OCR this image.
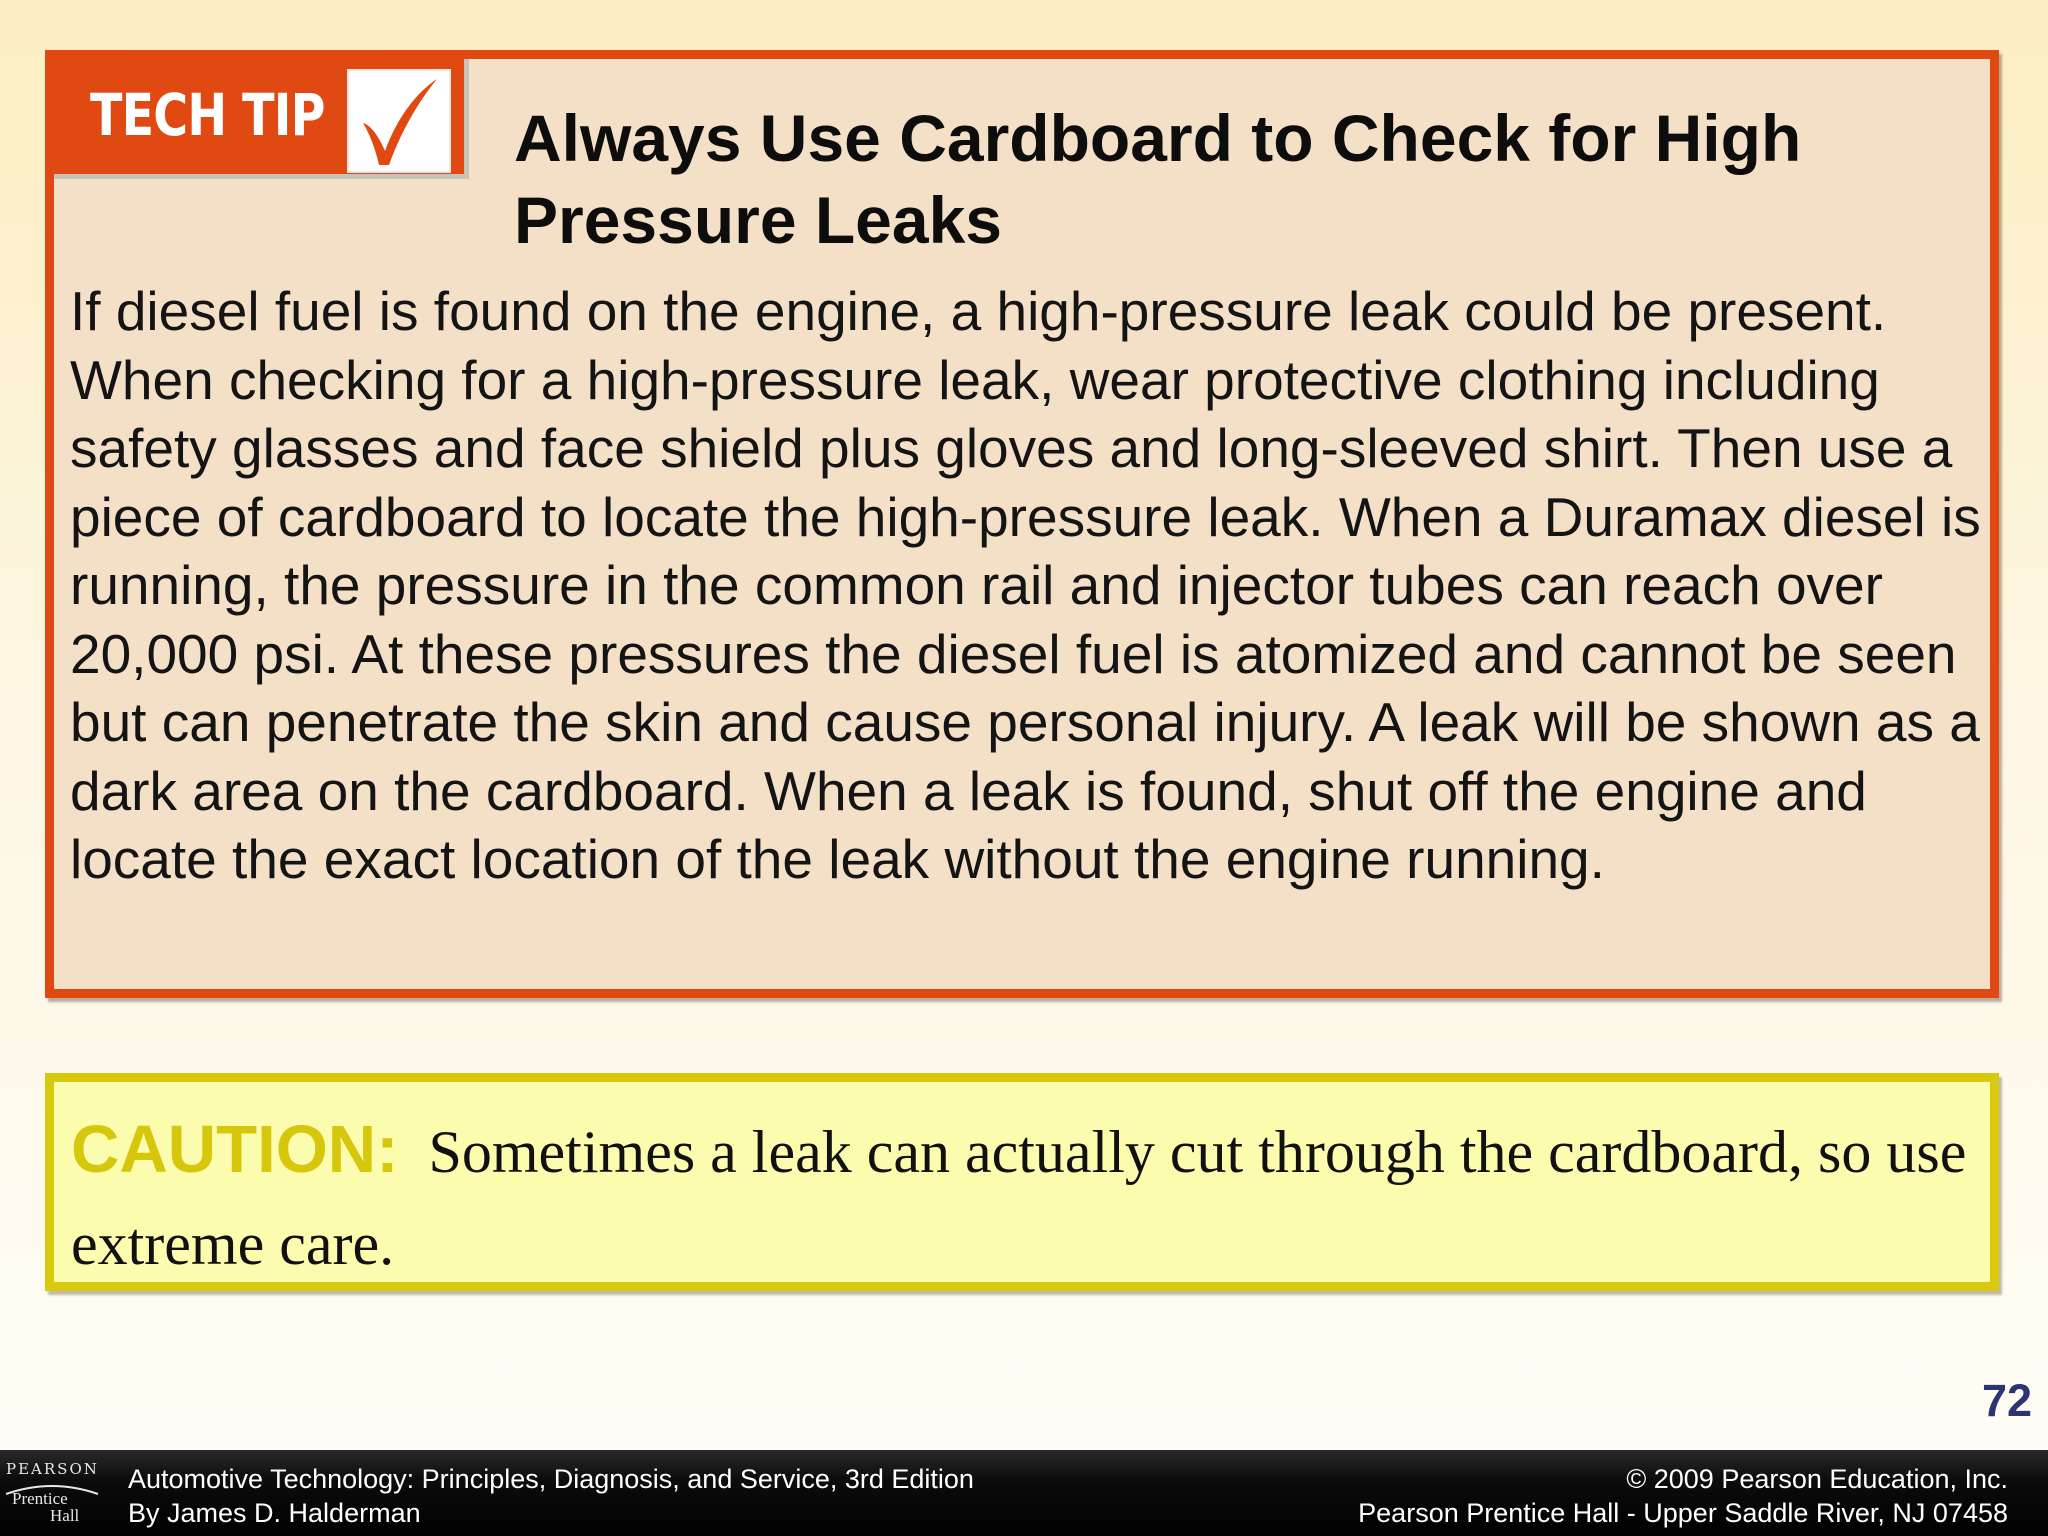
TECH TIP	Always Use Cardboard to Check for High Pressure Leaks
If diesel fuel is found on the engine, a high-pressure leak could be present. When checking for a high-pressure leak, wear protective clothing including safety glasses and face shield plus gloves and long-sleeved shirt. Then use a piece of cardboard to locate the high-pressure leak. When a Duramax diesel is running, the pressure in the common rail and injector tubes can reach over 20,000 psi. At these pressures the diesel fuel is atomized and cannot be seen but can penetrate the skin and cause personal injury. A leak will be shown as a dark area on the cardboard. When a leak is found, shut off the engine and locate the exact location of the leak without the engine running.
CAUTION: Sometimes a leak can actually cut through the cardboard, so use extreme care.
72
PEARSON
Prentice
Hall
Automotive Technology: Principles, Diagnosis, and Service, 3rd Edition
By James D. Halderman
© 2009 Pearson Education, Inc.
Pearson Prentice Hall - Upper Saddle River, NJ 07458
